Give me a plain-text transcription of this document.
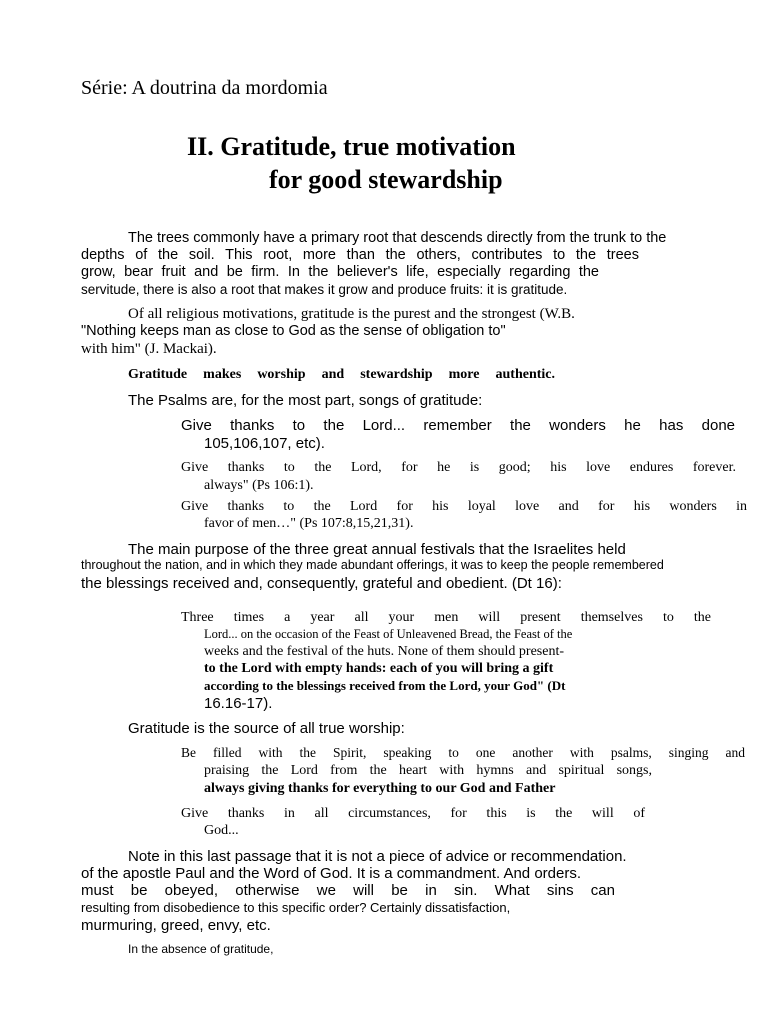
Série: A doutrina da mordomia
II. Gratitude, true motivation
for good stewardship
The trees commonly have a primary root that descends directly from the trunk to the
depths of the soil. This root, more than the others, contributes to the trees
grow, bear fruit and be firm. In the believer's life, especially regarding the
servitude, there is also a root that makes it grow and produce fruits: it is gratitude.
Of all religious motivations, gratitude is the purest and the strongest (W.B.
"Nothing keeps man as close to God as the sense of obligation to"
with him" (J. Mackai).
Gratitude makes worship and stewardship more authentic.
The Psalms are, for the most part, songs of gratitude:
Give thanks to the Lord... remember the wonders he has done
105,106,107, etc).
Give thanks to the Lord, for he is good; his love endures forever.
always" (Ps 106:1).
Give thanks to the Lord for his loyal love and for his wonders in
favor of men…" (Ps 107:8,15,21,31).
The main purpose of the three great annual festivals that the Israelites held
throughout the nation, and in which they made abundant offerings, it was to keep the people remembered
the blessings received and, consequently, grateful and obedient. (Dt 16):
Three times a year all your men will present themselves to the
Lord... on the occasion of the Feast of Unleavened Bread, the Feast of the
weeks and the festival of the huts. None of them should present-
to the Lord with empty hands: each of you will bring a gift
according to the blessings received from the Lord, your God" (Dt
16.16-17).
Gratitude is the source of all true worship:
Be filled with the Spirit, speaking to one another with psalms, singing and
praising the Lord from the heart with hymns and spiritual songs,
always giving thanks for everything to our God and Father
Give thanks in all circumstances, for this is the will of
God...
Note in this last passage that it is not a piece of advice or recommendation.
of the apostle Paul and the Word of God. It is a commandment. And orders.
must be obeyed, otherwise we will be in sin. What sins can
resulting from disobedience to this specific order? Certainly dissatisfaction,
murmuring, greed, envy, etc.
In the absence of gratitude,
